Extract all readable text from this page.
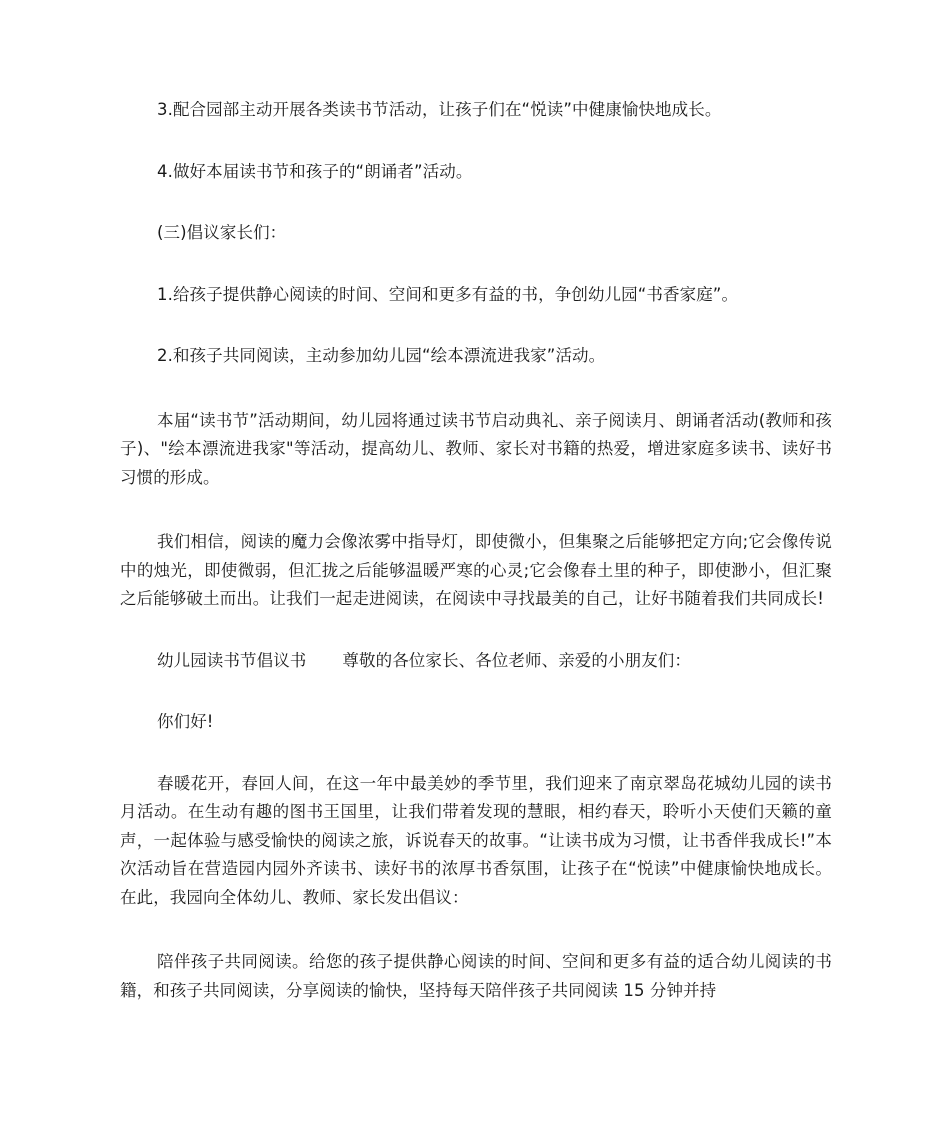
3.配合园部主动开展各类读书节活动，让孩子们在“悦读”中健康愉快地成长。

4.做好本届读书节和孩子的“朗诵者”活动。

(三)倡议家长们：

1.给孩子提供静心阅读的时间、空间和更多有益的书，争创幼儿园“书香家庭”。

2.和孩子共同阅读，主动参加幼儿园“绘本漂流进我家”活动。

本届“读书节”活动期间，幼儿园将通过读书节启动典礼、亲子阅读月、朗诵者活动(教师和孩子)、"绘本漂流进我家"等活动，提高幼儿、教师、家长对书籍的热爱，增进家庭多读书、读好书习惯的形成。

我们相信，阅读的魔力会像浓雾中指导灯，即使微小，但集聚之后能够把定方向;它会像传说中的烛光，即使微弱，但汇拢之后能够温暖严寒的心灵;它会像春土里的种子，即使渺小，但汇聚之后能够破土而出。让我们一起走进阅读，在阅读中寻找最美的自己，让好书随着我们共同成长!

幼儿园读书节倡议书 尊敬的各位家长、各位老师、亲爱的小朋友们：

你们好!

春暖花开，春回人间，在这一年中最美妙的季节里，我们迎来了南京翠岛花城幼儿园的读书月活动。在生动有趣的图书王国里，让我们带着发现的慧眼，相约春天，聆听小天使们天籁的童声，一起体验与感受愉快的阅读之旅，诉说春天的故事。“让读书成为习惯，让书香伴我成长!”本次活动旨在营造园内园外齐读书、读好书的浓厚书香氛围，让孩子在“悦读”中健康愉快地成长。在此，我园向全体幼儿、教师、家长发出倡议：

陪伴孩子共同阅读。给您的孩子提供静心阅读的时间、空间和更多有益的适合幼儿阅读的书籍，和孩子共同阅读，分享阅读的愉快，坚持每天陪伴孩子共同阅读 15 分钟并持
